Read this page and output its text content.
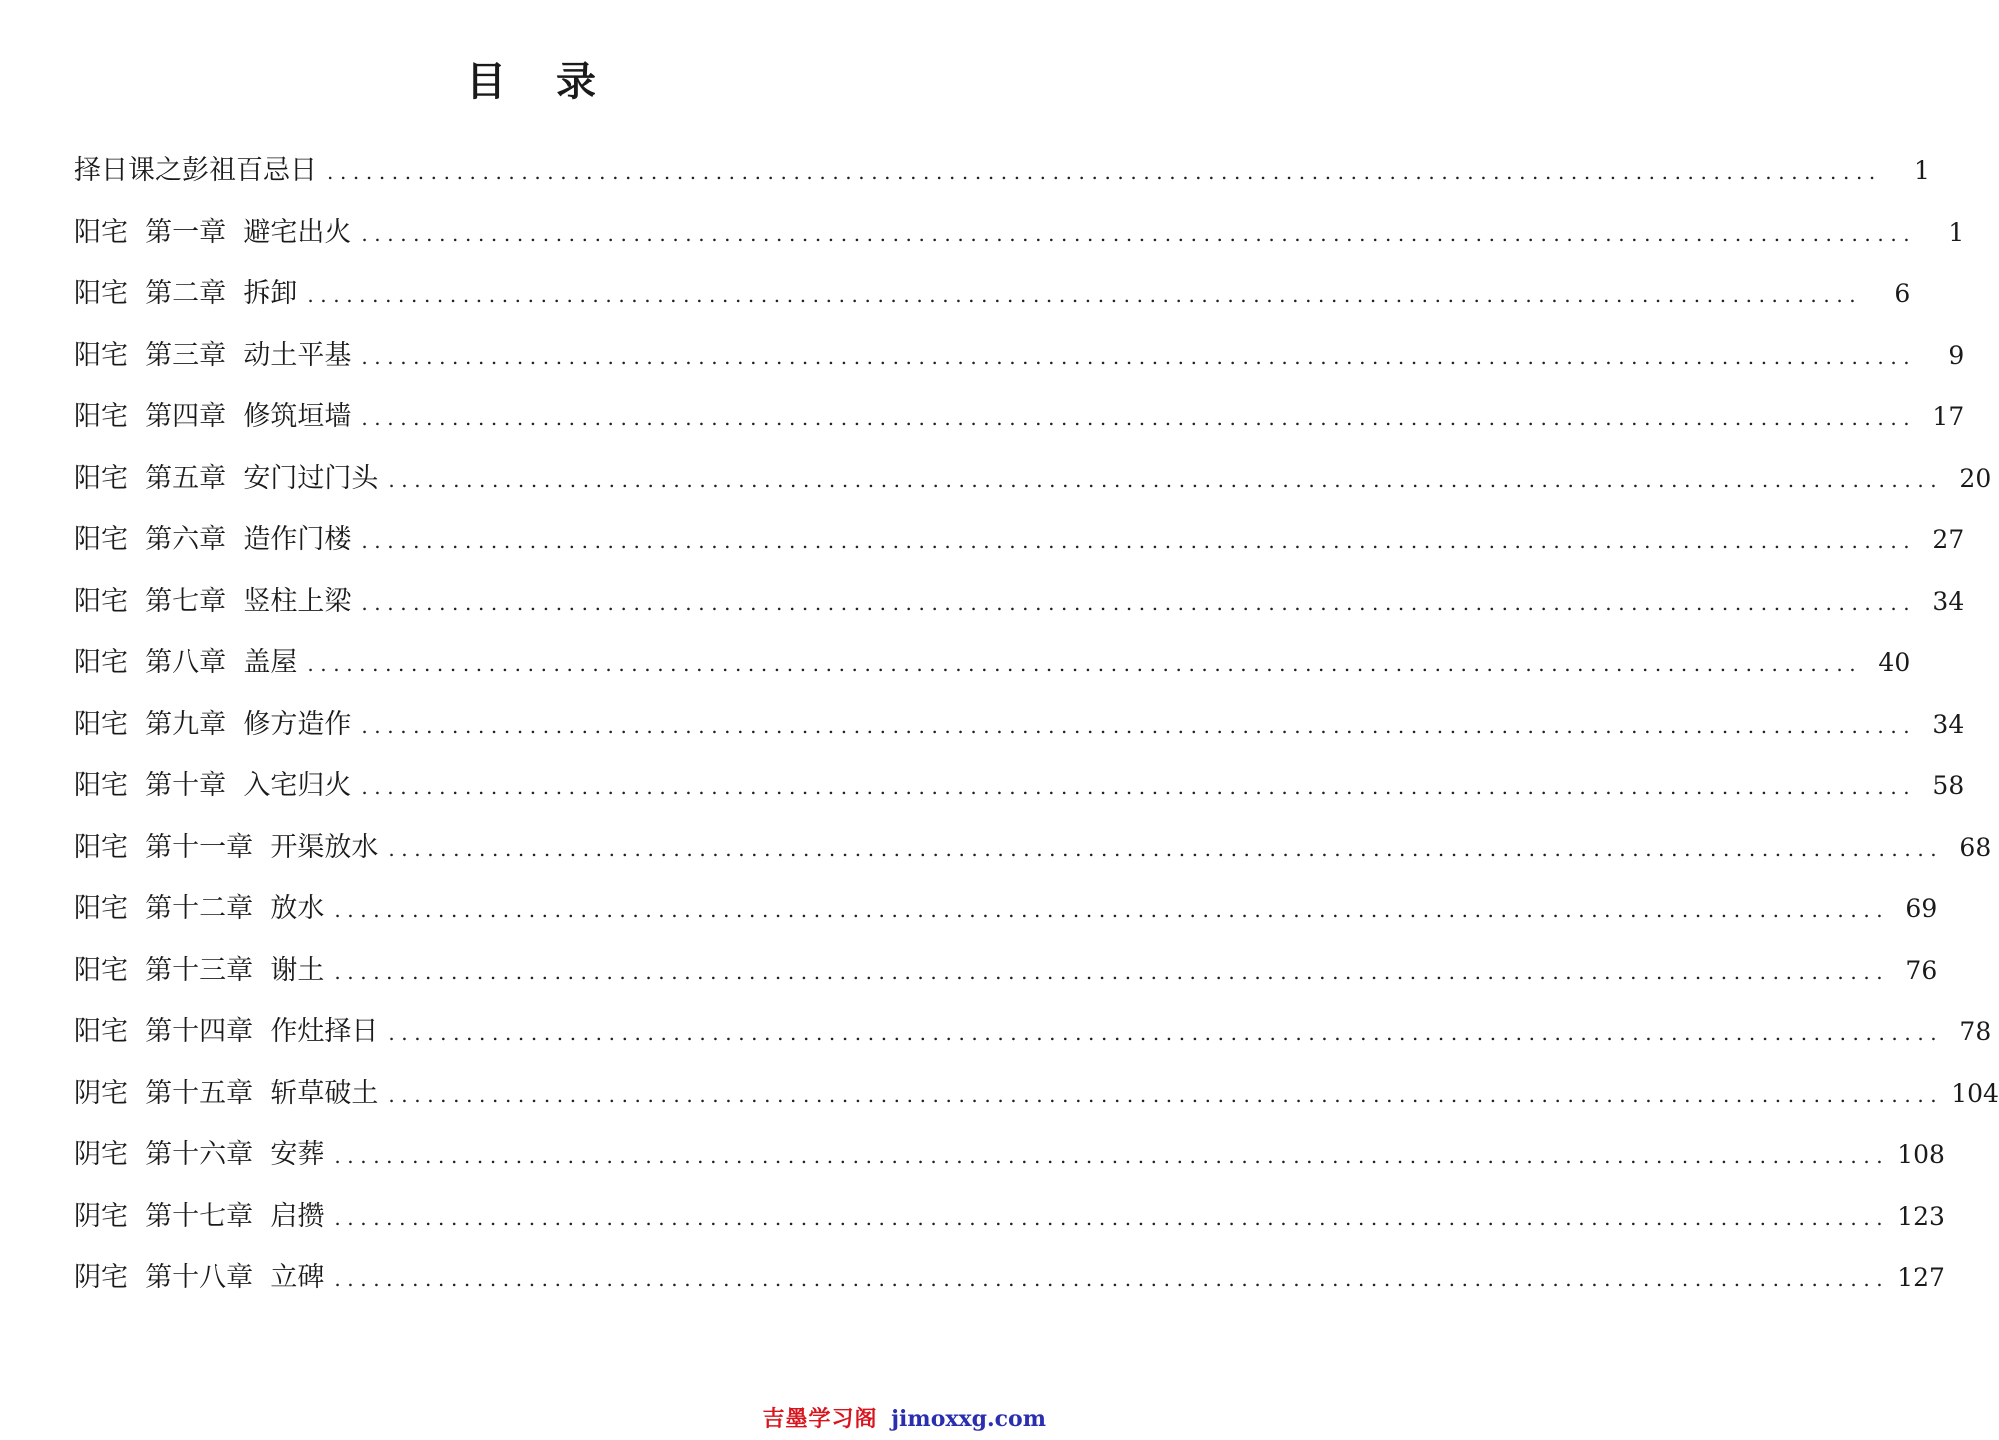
目 录
择日课之彭祖百忌日 ........................................................................................................................	1
阳宅  第一章  避宅出火 ........................................................................................................................	1
阳宅  第二章  拆卸 ........................................................................................................................	6
阳宅  第三章  动土平基 ........................................................................................................................	9
阳宅  第四章  修筑垣墙 ........................................................................................................................ 17
阳宅  第五章  安门过门头 ........................................................................................................................ 20
阳宅  第六章  造作门楼 ........................................................................................................................ 27
阳宅  第七章  竖柱上梁 ........................................................................................................................ 34
阳宅  第八章  盖屋 ........................................................................................................................ 40
阳宅  第九章  修方造作 ........................................................................................................................ 34
阳宅  第十章  入宅归火 ........................................................................................................................ 58
阳宅  第十一章  开渠放水 ........................................................................................................................ 68
阳宅  第十二章  放水 ........................................................................................................................ 69
阳宅  第十三章  谢土 ........................................................................................................................ 76
阳宅  第十四章  作灶择日 ........................................................................................................................ 78
阴宅  第十五章  斩草破土 ........................................................................................................................ 104
阴宅  第十六章  安葬 ........................................................................................................................ 108
阴宅  第十七章  启攒 ........................................................................................................................ 123
阴宅  第十八章  立碑 ........................................................................................................................ 127
吉墨学习阁 jimoxxg.com
